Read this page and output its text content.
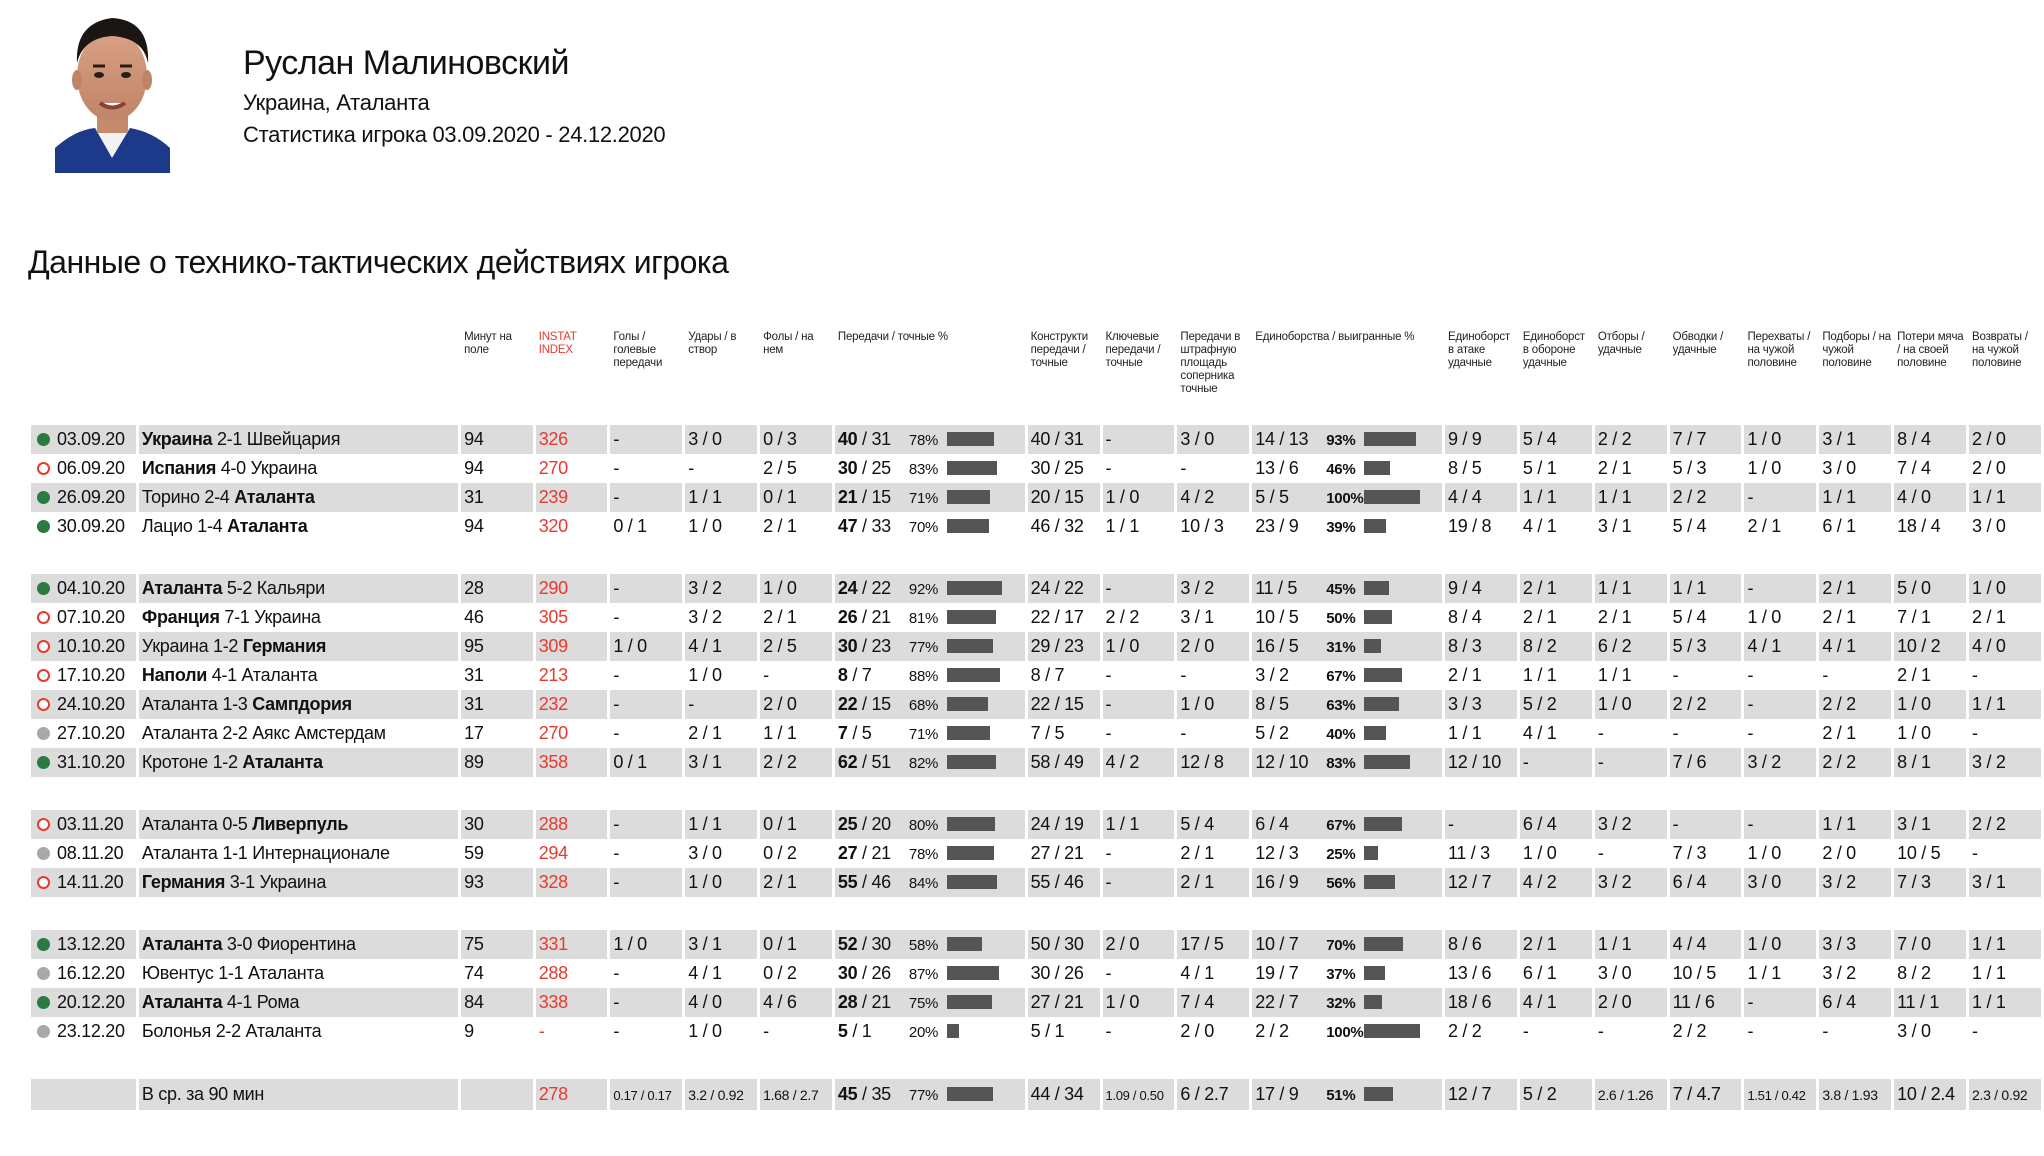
Руслан Малиновский
Украина, Аталанта
Статистика игрока 03.09.2020 - 24.12.2020
Данные о технико-тактических действиях игрока
		Минут на поле	INSTAT INDEX	Голы / голевые передачи	Удары / в створ	Фолы / на нем	Передачи / точные %	Конструкти передачи / точные	Ключевые передачи / точные	Передачи в штрафную площадь соперника точные	Единоборства / выигранные %	Единоборст в атаке удачные	Единоборст в обороне удачные	Отборы / удачные	Обводки / удачные	Перехваты / на чужой половине	Подборы / на чужой половине	Потери мяча / на своей половине	Возвраты / на чужой половине
03.09.20	Украина 2-1 Швейцария	94	326	-	3 / 0	0 / 3	40 / 31 78%	40 / 31	-	3 / 0	14 / 13 93%	9 / 9	5 / 4	2 / 2	7 / 7	1 / 0	3 / 1	8 / 4	2 / 0
06.09.20	Испания 4-0 Украина	94	270	-	-	2 / 5	30 / 25 83%	30 / 25	-	-	13 / 6 46%	8 / 5	5 / 1	2 / 1	5 / 3	1 / 0	3 / 0	7 / 4	2 / 0
26.09.20	Торино 2-4 Аталанта	31	239	-	1 / 1	0 / 1	21 / 15 71%	20 / 15	1 / 0	4 / 2	5 / 5 100%	4 / 4	1 / 1	1 / 1	2 / 2	-	1 / 1	4 / 0	1 / 1
30.09.20	Лацио 1-4 Аталанта	94	320	0 / 1	1 / 0	2 / 1	47 / 33 70%	46 / 32	1 / 1	10 / 3	23 / 9 39%	19 / 8	4 / 1	3 / 1	5 / 4	2 / 1	6 / 1	18 / 4	3 / 0

04.10.20	Аталанта 5-2 Кальяри	28	290	-	3 / 2	1 / 0	24 / 22 92%	24 / 22	-	3 / 2	11 / 5 45%	9 / 4	2 / 1	1 / 1	1 / 1	-	2 / 1	5 / 0	1 / 0
07.10.20	Франция 7-1 Украина	46	305	-	3 / 2	2 / 1	26 / 21 81%	22 / 17	2 / 2	3 / 1	10 / 5 50%	8 / 4	2 / 1	2 / 1	5 / 4	1 / 0	2 / 1	7 / 1	2 / 1
10.10.20	Украина 1-2 Германия	95	309	1 / 0	4 / 1	2 / 5	30 / 23 77%	29 / 23	1 / 0	2 / 0	16 / 5 31%	8 / 3	8 / 2	6 / 2	5 / 3	4 / 1	4 / 1	10 / 2	4 / 0
17.10.20	Наполи 4-1 Аталанта	31	213	-	1 / 0	-	8 / 7 88%	8 / 7	-	-	3 / 2 67%	2 / 1	1 / 1	1 / 1	-	-	-	2 / 1	-
24.10.20	Аталанта 1-3 Сампдория	31	232	-	-	2 / 0	22 / 15 68%	22 / 15	-	1 / 0	8 / 5 63%	3 / 3	5 / 2	1 / 0	2 / 2	-	2 / 2	1 / 0	1 / 1
27.10.20	Аталанта 2-2 Аякс Амстердам	17	270	-	2 / 1	1 / 1	7 / 5 71%	7 / 5	-	-	5 / 2 40%	1 / 1	4 / 1	-	-	-	2 / 1	1 / 0	-
31.10.20	Кротоне 1-2 Аталанта	89	358	0 / 1	3 / 1	2 / 2	62 / 51 82%	58 / 49	4 / 2	12 / 8	12 / 10 83%	12 / 10	-	-	7 / 6	3 / 2	2 / 2	8 / 1	3 / 2

03.11.20	Аталанта 0-5 Ливерпуль	30	288	-	1 / 1	0 / 1	25 / 20 80%	24 / 19	1 / 1	5 / 4	6 / 4 67%	-	6 / 4	3 / 2	-	-	1 / 1	3 / 1	2 / 2
08.11.20	Аталанта 1-1 Интернационале	59	294	-	3 / 0	0 / 2	27 / 21 78%	27 / 21	-	2 / 1	12 / 3 25%	11 / 3	1 / 0	-	7 / 3	1 / 0	2 / 0	10 / 5	-
14.11.20	Германия 3-1 Украина	93	328	-	1 / 0	2 / 1	55 / 46 84%	55 / 46	-	2 / 1	16 / 9 56%	12 / 7	4 / 2	3 / 2	6 / 4	3 / 0	3 / 2	7 / 3	3 / 1

13.12.20	Аталанта 3-0 Фиорентина	75	331	1 / 0	3 / 1	0 / 1	52 / 30 58%	50 / 30	2 / 0	17 / 5	10 / 7 70%	8 / 6	2 / 1	1 / 1	4 / 4	1 / 0	3 / 3	7 / 0	1 / 1
16.12.20	Ювентус 1-1 Аталанта	74	288	-	4 / 1	0 / 2	30 / 26 87%	30 / 26	-	4 / 1	19 / 7 37%	13 / 6	6 / 1	3 / 0	10 / 5	1 / 1	3 / 2	8 / 2	1 / 1
20.12.20	Аталанта 4-1 Рома	84	338	-	4 / 0	4 / 6	28 / 21 75%	27 / 21	1 / 0	7 / 4	22 / 7 32%	18 / 6	4 / 1	2 / 0	11 / 6	-	6 / 4	11 / 1	1 / 1
23.12.20	Болонья 2-2 Аталанта	9	-	-	1 / 0	-	5 / 1 20%	5 / 1	-	2 / 0	2 / 2 100%	2 / 2	-	-	2 / 2	-	-	3 / 0	-

	В ср. за 90 мин		278	0.17 / 0.17	3.2 / 0.92	1.68 / 2.7	45 / 35 77%	44 / 34	1.09 / 0.50	6 / 2.7	17 / 9 51%	12 / 7	5 / 2	2.6 / 1.26	7 / 4.7	1.51 / 0.42	3.8 / 1.93	10 / 2.4	2.3 / 0.92
